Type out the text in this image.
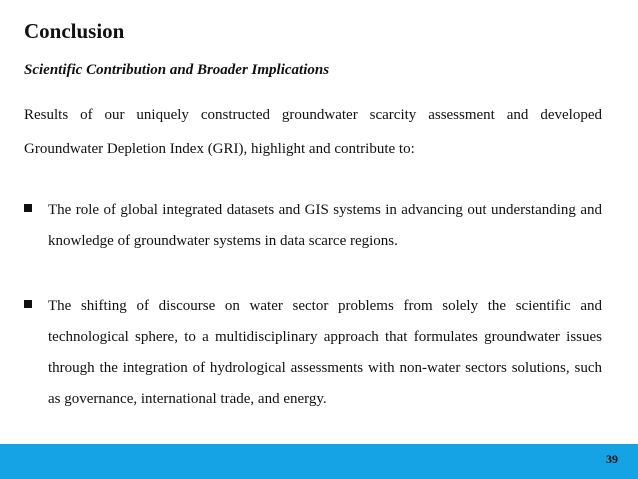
Conclusion
Scientific Contribution and Broader Implications

Results of our uniquely constructed groundwater scarcity assessment and developed Groundwater Depletion Index (GRI), highlight and contribute to:

The role of global integrated datasets and GIS systems in advancing out understanding and knowledge of groundwater systems in data scarce regions.

The shifting of discourse on water sector problems from solely the scientific and technological sphere, to a multidisciplinary approach that formulates groundwater issues through the integration of hydrological assessments with non-water sectors solutions, such as governance, international trade, and energy.

39
